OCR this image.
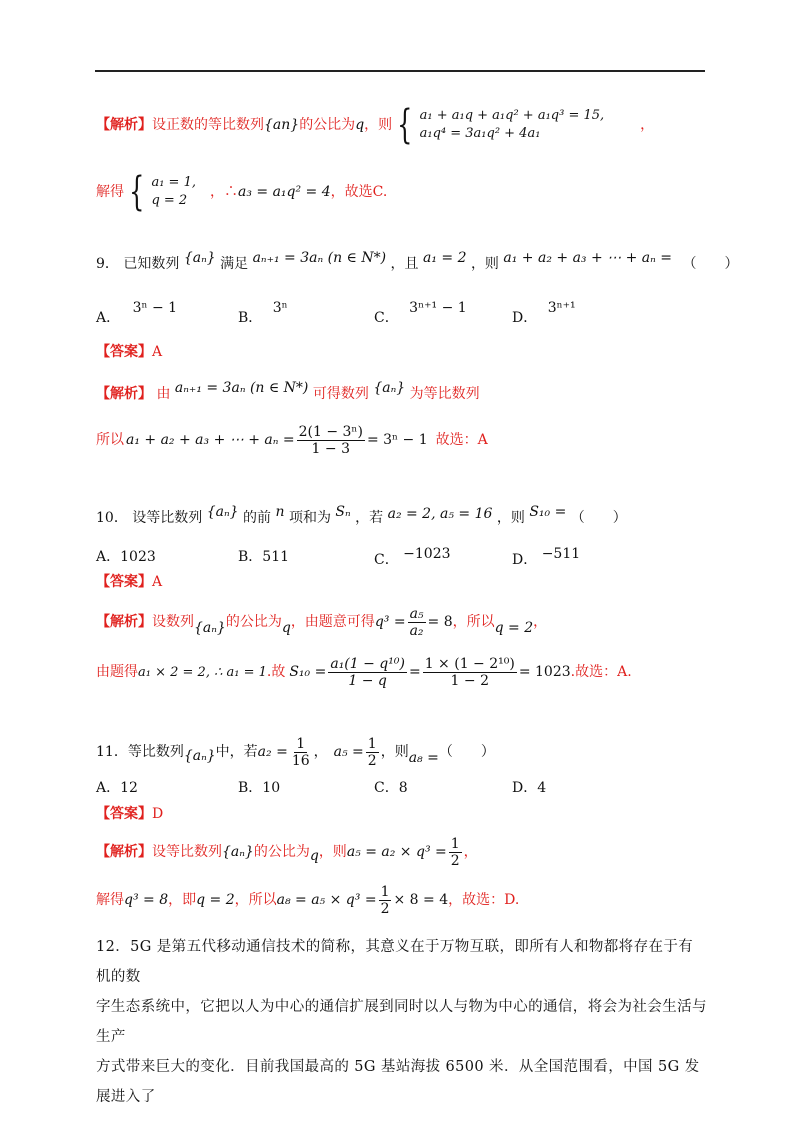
【解析】 设正数的等比数列 {an} 的公比为 q ，则 { a₁ + a₁q + a₁q² + a₁q³ = 15,
a₁q⁴ = 3a₁q² + 4a₁
，
解得 { a₁ = 1,
q = 2
，∴ a₃ = a₁q² = 4 ，故选C.
9． 已知数列 {aₙ} 满足 aₙ₊₁ = 3aₙ (n ∈ N*) ，且 a₁ = 2 ，则 a₁ + a₂ + a₃ + ⋯ + aₙ = （　　）
A． 3ⁿ − 1
B． 3ⁿ
C． 3ⁿ⁺¹ − 1
D． 3ⁿ⁺¹
【答案】A
【解析】 由 aₙ₊₁ = 3aₙ (n ∈ N*) 可得数列 {aₙ} 为等比数列
所以 a₁ + a₂ + a₃ + ⋯ + $a_n = \frac{\text{2(1 − 3ⁿ)}}{1 - 3} = 3^n - 1$ 故选：A
10． 设等比数列 {aₙ} 的前 n 项和为 Sₙ ，若 a₂ = 2, a₅ = 16 ，则 S₁₀ = （　　）
A．1023	B．511	C． −1023	D． −511
【答案】A
【解析】 设数列 {aₙ} 的公比为 q ，由题意可得 $q^3 = \frac{\text{a₅}}{\text{a₂}} = 8$ ，所以 q = 2 ，
由题得 a₁ × 2 = 2, ∴ a₁ = 1 .故 $S_{10} = \frac{\text{a₁(1 − q¹⁰)}}{1 - q} = \frac{\text{1 × (1 − 2¹⁰)}}{1 - 2} = 1023$ .故选：A.
11． 等比数列 {aₙ} 中，若 $a_2 = \frac{1}{16}$ ， $a_5 = \frac{1}{2}$ ，则 a₈ = （　　）
A．12	B．10	C．8	D．4
【答案】D
【解析】 设等比数列 {aₙ} 的公比为 q ，则 $a_5 = a_2 \times q^3 = \frac{1}{2}$ ，
解得 q³ = 8 ，即 q = 2 ，所以 $a_8 = a_5 \times q^3 = \frac{1}{2} \times 8 = 4$ ，故选：D.
12．5G 是第五代移动通信技术的简称，其意义在于万物互联，即所有人和物都将存在于有机的数
字生态系统中，它把以人为中心的通信扩展到同时以人与物为中心的通信，将会为社会生活与生产
方式带来巨大的变化．目前我国最高的 5G 基站海拔 6500 米．从全国范围看，中国 5G 发展进入了
